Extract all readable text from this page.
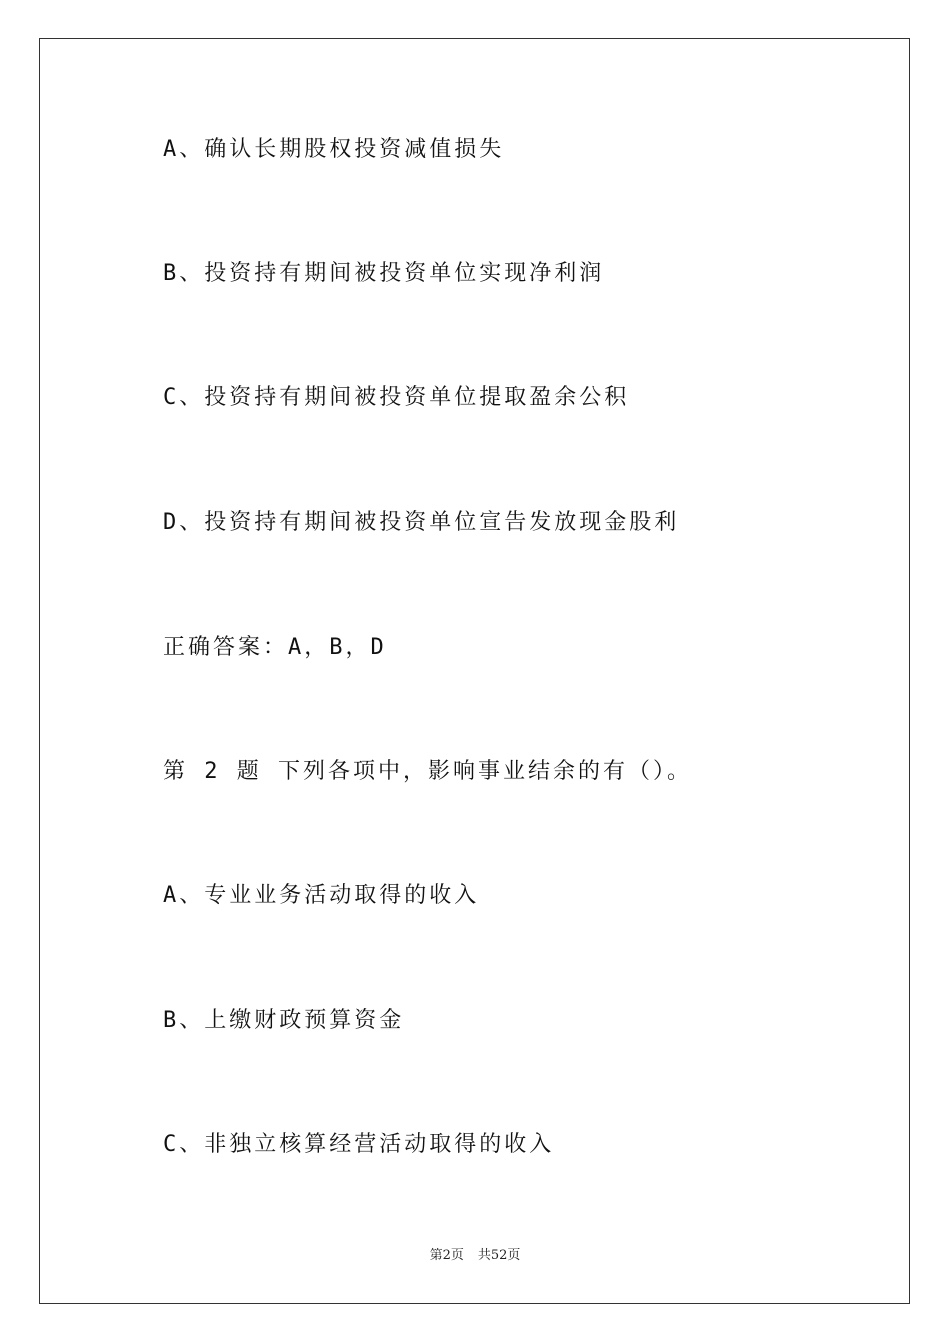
A、确认长期股权投资减值损失
B、投资持有期间被投资单位实现净利润
C、投资持有期间被投资单位提取盈余公积
D、投资持有期间被投资单位宣告发放现金股利
正确答案：A，B，D
第 2 题 下列各项中，影响事业结余的有（）。
A、专业业务活动取得的收入
B、上缴财政预算资金
C、非独立核算经营活动取得的收入
第2页 共52页
